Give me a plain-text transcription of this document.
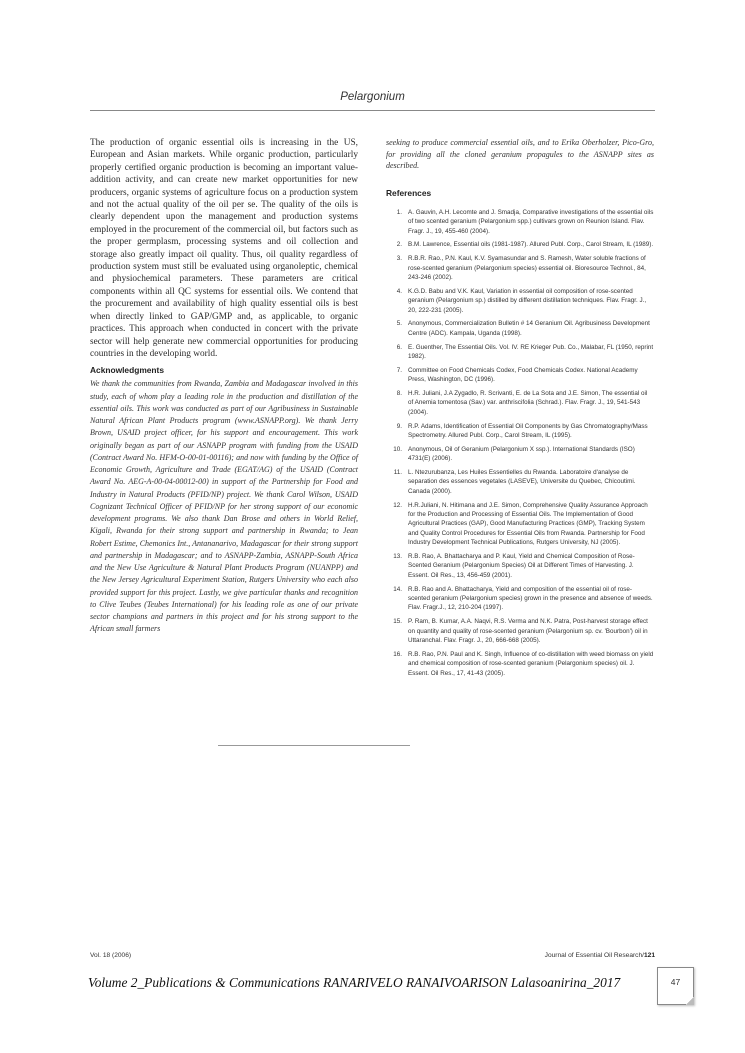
Pelargonium

The production of organic essential oils is increasing in the US, European and Asian markets. While organic production, particularly properly certified organic production is becoming an important value-addition activity, and can create new market opportunities for new producers, organic systems of agriculture focus on a production system and not the actual quality of the oil per se. The quality of the oils is clearly dependent upon the management and production systems employed in the procurement of the commercial oil, but factors such as the proper germplasm, processing systems and oil collection and storage also greatly impact oil quality. Thus, oil quality regardless of production system must still be evaluated using organoleptic, chemical and physiochemical parameters. These parameters are critical components within all QC systems for essential oils. We contend that the procurement and availability of high quality essential oils is best when directly linked to GAP/GMP and, as applicable, to organic practices. This approach when conducted in concert with the private sector will help generate new commercial opportunities for producing countries in the developing world.

Acknowledgments

We thank the communities from Rwanda, Zambia and Madagascar involved in this study, each of whom play a leading role in the production and distillation of the essential oils. This work was conducted as part of our Agribusiness in Sustainable Natural African Plant Products program (www.ASNAPP.org). We thank Jerry Brown, USAID project officer, for his support and encouragement. This work originally began as part of our ASNAPP program with funding from the USAID (Contract Award No. HFM-O-00-01-00116); and now with funding by the Office of Economic Growth, Agriculture and Trade (EGAT/AG) of the USAID (Contract Award No. AEG-A-00-04-00012-00) in support of the Partnership for Food and Industry in Natural Products (PFID/NP) project. We thank Carol Wilson, USAID Cognizant Technical Officer of PFID/NP for her strong support of our economic development programs. We also thank Dan Brose and others in World Relief, Kigali, Rwanda for their strong support and partnership in Rwanda; to Jean Robert Estime, Chemonics Int., Antananarivo, Madagascar for their strong support and partnership in Madagascar; and to ASNAPP-Zambia, ASNAPP-South Africa and the New Use Agriculture & Natural Plant Products Program (NUANPP) and the New Jersey Agricultural Experiment Station, Rutgers University who each also provided support for this project. Lastly, we give particular thanks and recognition to Clive Teubes (Teubes International) for his leading role as one of our private sector champions and partners in this project and for his strong support to the African small farmers

seeking to produce commercial essential oils, and to Erika Oberholzer, Pico-Gro, for providing all the cloned geranium propagules to the ASNAPP sites as described.

References
1. A. Gauvin, A.H. Lecomte and J. Smadja, Comparative investigations of the essential oils of two scented geranium (Pelargonium spp.) cultivars grown on Reunion Island. Flav. Fragr. J., 19, 455-460 (2004).
2. B.M. Lawrence, Essential oils (1981-1987). Allured Publ. Corp., Carol Stream, IL (1989).
3. R.B.R. Rao., P.N. Kaul, K.V. Syamasundar and S. Ramesh, Water soluble fractions of rose-scented geranium (Pelargonium species) essential oil. Bioresource Technol., 84, 243-246 (2002).
4. K.G.D. Babu and V.K. Kaul, Variation in essential oil composition of rose-scented geranium (Pelargonium sp.) distilled by different distillation techniques. Flav. Fragr. J., 20, 222-231 (2005).
5. Anonymous, Commercialization Bulletin # 14 Geranium Oil. Agribusiness Development Centre (ADC). Kampala, Uganda (1998).
6. E. Guenther, The Essential Oils. Vol. IV. RE Krieger Pub. Co., Malabar, FL (1950, reprint 1982).
7. Committee on Food Chemicals Codex, Food Chemicals Codex. National Academy Press, Washington, DC (1996).
8. H.R. Juliani, J.A Zygadlo, R. Scrivanti, E. de La Sota and J.E. Simon, The essential oil of Anemia tomentosa (Sav.) var. anthriscifolia (Schrad.). Flav. Fragr. J., 19, 541-543 (2004).
9. R.P. Adams, Identification of Essential Oil Components by Gas Chromatography/Mass Spectrometry. Allured Publ. Corp., Carol Stream, IL (1995).
10. Anonymous, Oil of Geranium (Pelargonium X ssp.). International Standards (ISO) 4731(E) (2006).
11. L. Ntezurubanza, Les Huiles Essentielles du Rwanda. Laboratoire d'analyse de separation des essences vegetales (LASEVE), Universite du Quebec, Chicoutimi. Canada (2000).
12. H.R.Juliani, N. Hitimana and J.E. Simon, Comprehensive Quality Assurance Approach for the Production and Processing of Essential Oils. The Implementation of Good Agricultural Practices (GAP), Good Manufacturing Practices (GMP), Tracking System and Quality Control Procedures for Essential Oils from Rwanda. Partnership for Food Industry Development Technical Publications, Rutgers University, NJ (2005).
13. R.B. Rao, A. Bhattacharya and P. Kaul, Yield and Chemical Composition of Rose-Scented Geranium (Pelargonium Species) Oil at Different Times of Harvesting. J. Essent. Oil Res., 13, 456-459 (2001).
14. R.B. Rao and A. Bhattacharya, Yield and composition of the essential oil of rose-scented geranium (Pelargonium species) grown in the presence and absence of weeds. Flav. Fragr.J., 12, 210-204 (1997).
15. P. Ram, B. Kumar, A.A. Naqvi, R.S. Verma and N.K. Patra, Post-harvest storage effect on quantity and quality of rose-scented geranium (Pelargonium sp. cv. 'Bourbon') oil in Uttaranchal. Flav. Fragr. J., 20, 666-668 (2005).
16. R.B. Rao, P.N. Paul and K. Singh, Influence of co-distillation with weed biomass on yield and chemical composition of rose-scented geranium (Pelargonium species) oil. J. Essent. Oil Res., 17, 41-43 (2005).
Vol. 18 (2006)	Journal of Essential Oil Research/121
Volume 2_Publications & Communications RANARIVELO RANAIVOARISON Lalasoanirina_2017	47
